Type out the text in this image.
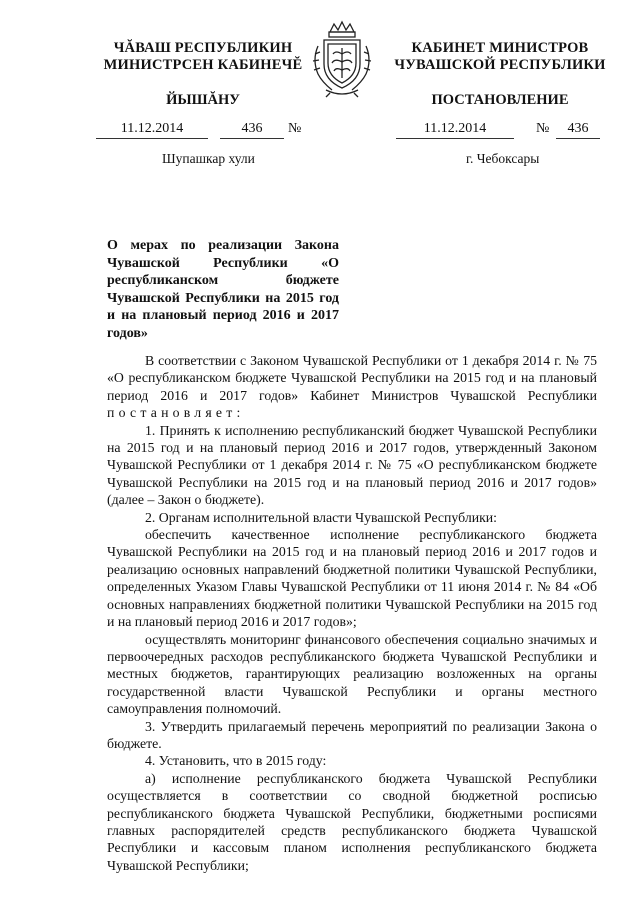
ЧĂВАШ РЕСПУБЛИКИН
МИНИСТРСЕН КАБИНЕЧĔ
КАБИНЕТ МИНИСТРОВ
ЧУВАШСКОЙ РЕСПУБЛИКИ
ЙЫШĂНУ	ПОСТАНОВЛЕНИЕ
11.12.2014	436	№	11.12.2014	№	436
Шупашкар хули	г. Чебоксары
О мерах по реализации Закона Чувашской Республики «О республиканском бюджете Чувашской Республики на 2015 год и на плановый период 2016 и 2017 годов»

В соответствии с Законом Чувашской Республики от 1 декабря 2014 г. № 75 «О республиканском бюджете Чувашской Республики на 2015 год и на плановый период 2016 и 2017 годов» Кабинет Министров Чувашской Республики постановляет:

1. Принять к исполнению республиканский бюджет Чувашской Республики на 2015 год и на плановый период 2016 и 2017 годов, утвержденный Законом Чувашской Республики от 1 декабря 2014 г. № 75 «О республиканском бюджете Чувашской Республики на 2015 год и на плановый период 2016 и 2017 годов» (далее – Закон о бюджете).

2. Органам исполнительной власти Чувашской Республики:

обеспечить качественное исполнение республиканского бюджета Чувашской Республики на 2015 год и на плановый период 2016 и 2017 годов и реализацию основных направлений бюджетной политики Чувашской Республики, определенных Указом Главы Чувашской Республики от 11 июня 2014 г. № 84 «Об основных направлениях бюджетной политики Чувашской Республики на 2015 год и на плановый период 2016 и 2017 годов»;

осуществлять мониторинг финансового обеспечения социально значимых и первоочередных расходов республиканского бюджета Чувашской Республики и местных бюджетов, гарантирующих реализацию возложенных на органы государственной власти Чувашской Республики и органы местного самоуправления полномочий.

3. Утвердить прилагаемый перечень мероприятий по реализации Закона о бюджете.

4. Установить, что в 2015 году:

а) исполнение республиканского бюджета Чувашской Республики осуществляется в соответствии со сводной бюджетной росписью республиканского бюджета Чувашской Республики, бюджетными росписями главных распорядителей средств республиканского бюджета Чувашской Республики и кассовым планом исполнения республиканского бюджета Чувашской Республики;
